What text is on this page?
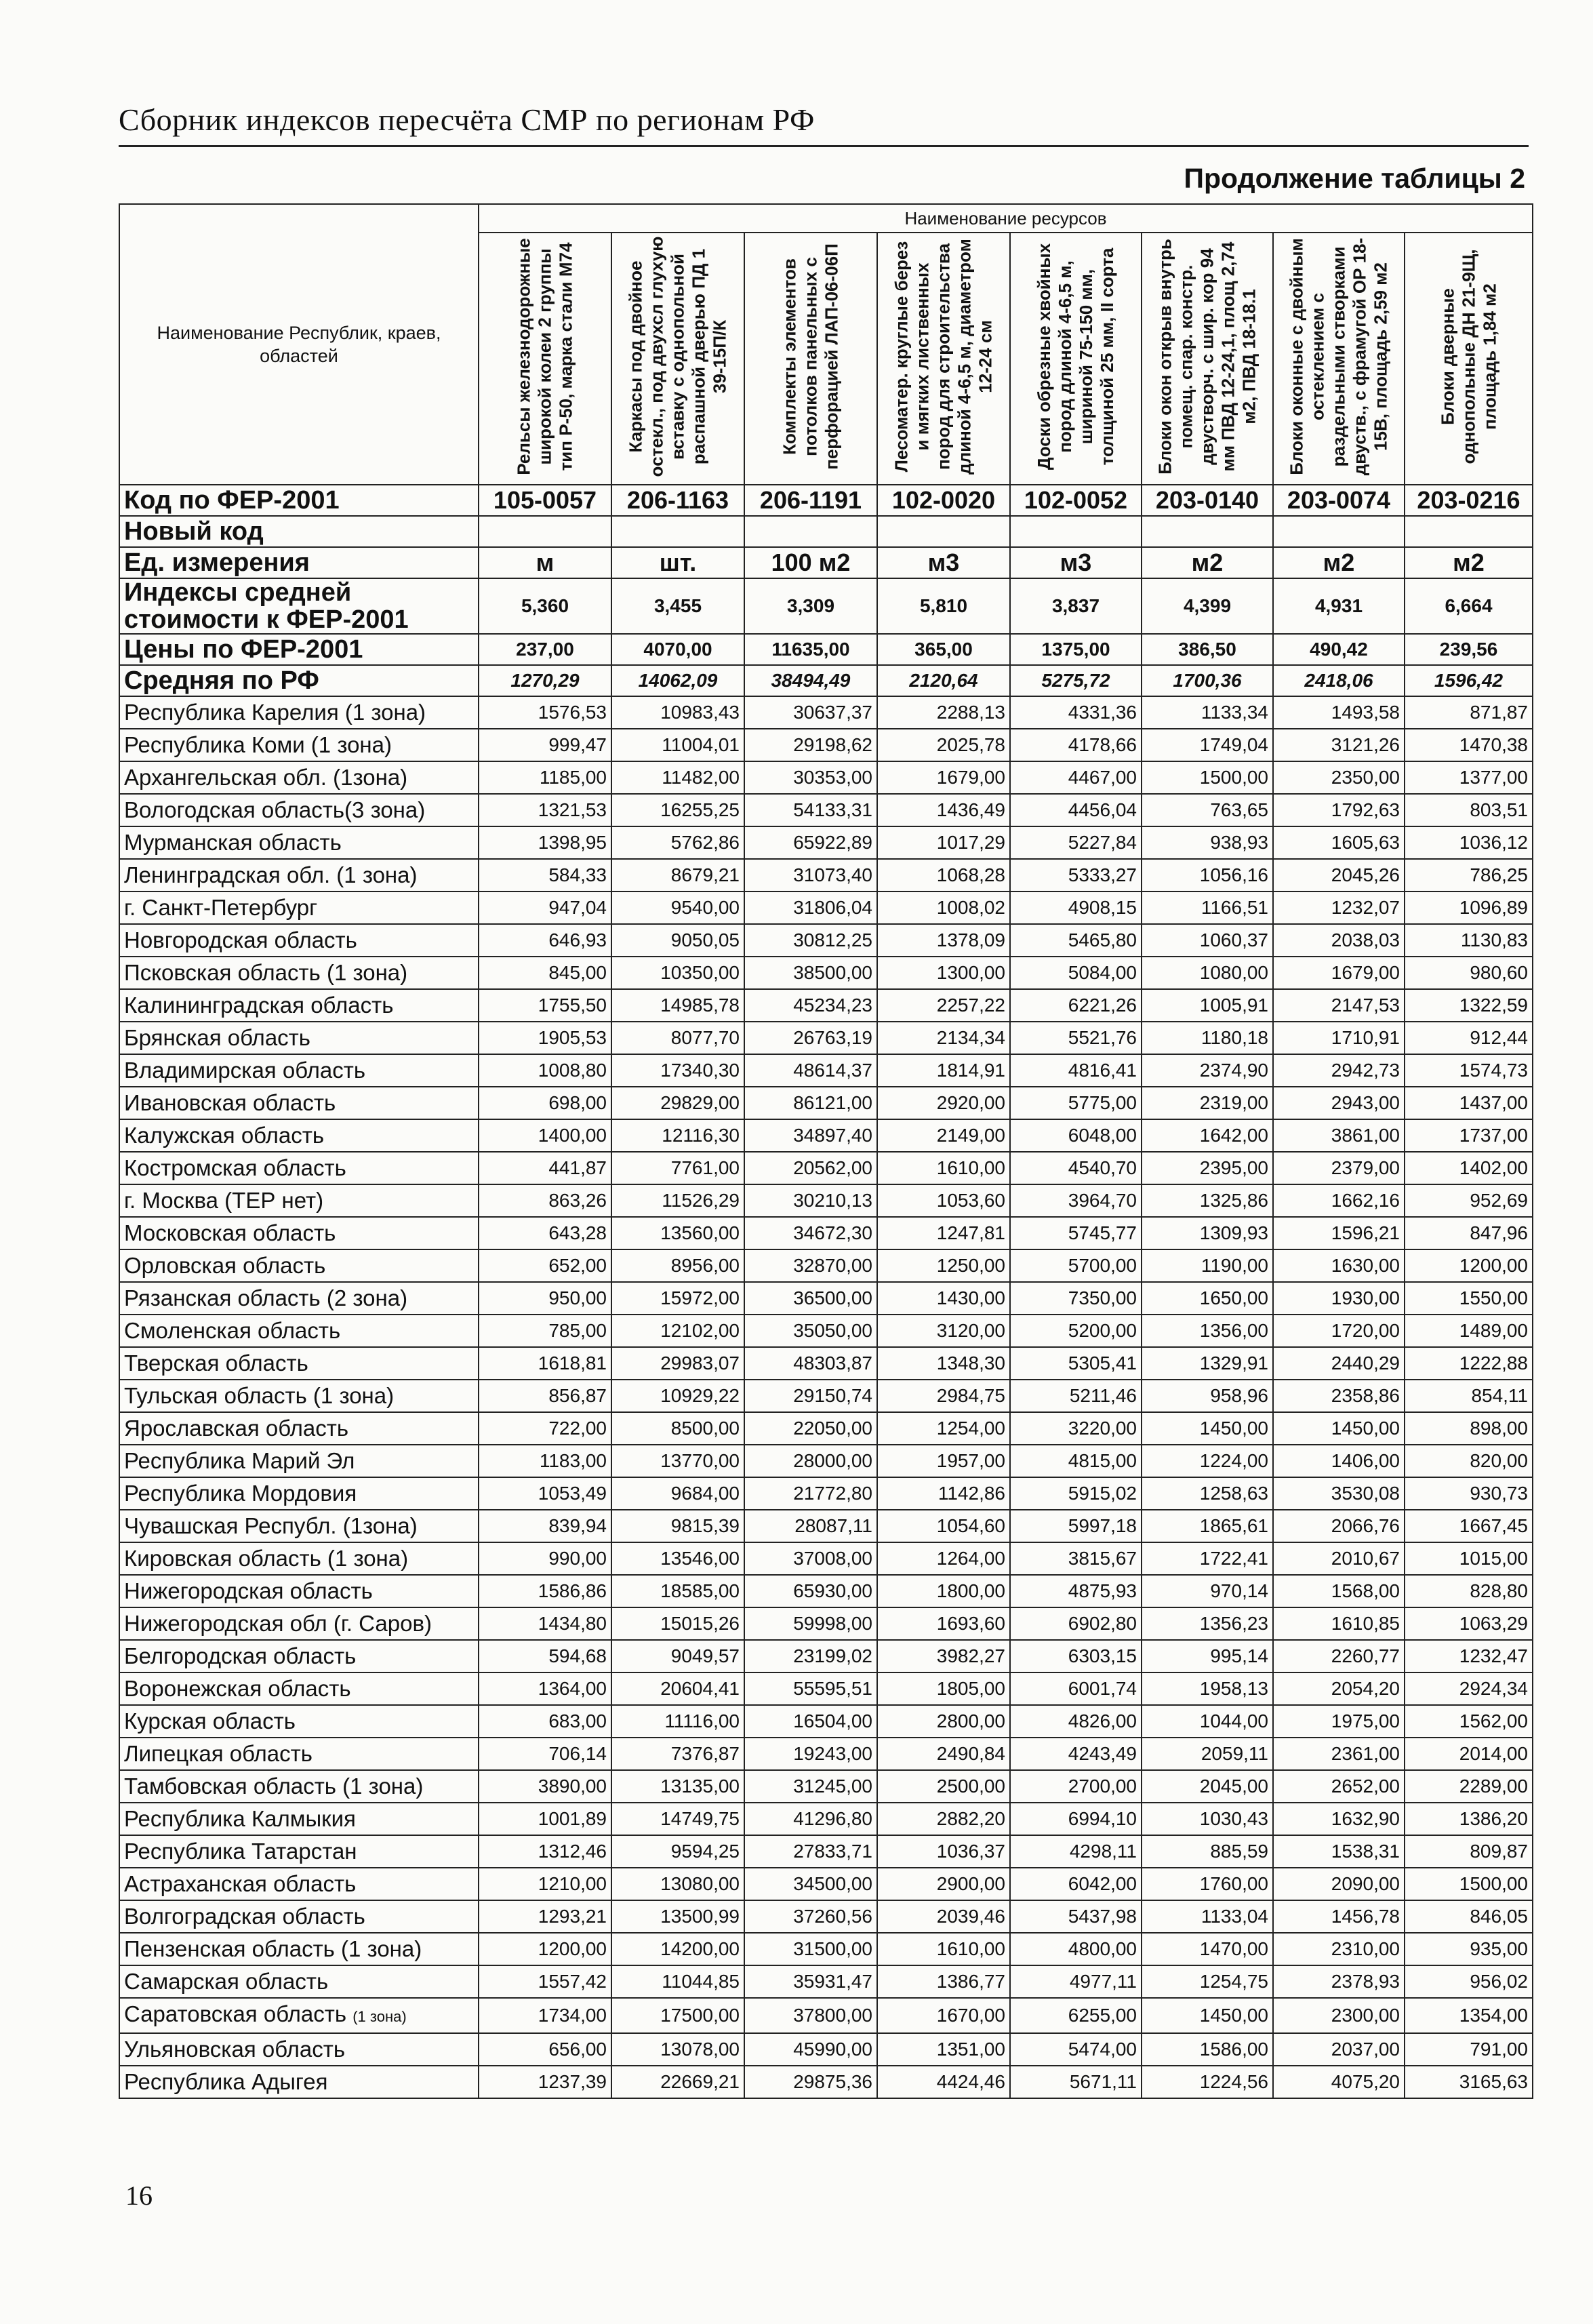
Сборник индексов пересчёта СМР по регионам РФ
Продолжение таблицы 2
Наименование Республик, краев, областей	Наименование ресурсов							

	Рельсы железнодорожные широкой колеи 2 группы тип Р-50, марка стали М74	Каркасы под двойное остекл., под двухсл глухую вставку с однопольной распашной дверью ПД 1 39-15П/К	Комплекты элементов потолков панельных с перфорацией ЛАП-06-06П	Лесоматер. круглые берез и мягких лиственных пород для строительства длиной 4-6,5 м, диаметром 12-24 см	Доски обрезные хвойных пород длиной 4-6,5 м, шириной 75-150 мм, толщиной 25 мм, II сорта	Блоки окон открыв внутрь помещ. спар. констр. двустворч. с шир. кор 94 мм ПВД 12-24,1, площ 2,74 м2, ПВД 18-18.1	Блоки оконные с двойным остеклением с раздельными створками двуств., с фрамугой ОР 18-15В, площадь 2,59 м2	Блоки дверные однопольные ДН 21-9Щ, площадь 1,84 м2

Код по ФЕР-2001	105-0057	206-1163	206-1191	102-0020	102-0052	203-0140	203-0074	203-0216
Новый код								
Ед. измерения	м	шт.	100 м2	м3	м3	м2	м2	м2
Индексы средней стоимости к ФЕР-2001	5,360	3,455	3,309	5,810	3,837	4,399	4,931	6,664
Цены по ФЕР-2001	237,00	4070,00	11635,00	365,00	1375,00	386,50	490,42	239,56
Средняя по РФ	1270,29	14062,09	38494,49	2120,64	5275,72	1700,36	2418,06	1596,42
Республика Карелия (1 зона)	1576,53	10983,43	30637,37	2288,13	4331,36	1133,34	1493,58	871,87
Республика Коми (1 зона)	999,47	11004,01	29198,62	2025,78	4178,66	1749,04	3121,26	1470,38
Архангельская обл. (1зона)	1185,00	11482,00	30353,00	1679,00	4467,00	1500,00	2350,00	1377,00
Вологодская область(3 зона)	1321,53	16255,25	54133,31	1436,49	4456,04	763,65	1792,63	803,51
Мурманская область	1398,95	5762,86	65922,89	1017,29	5227,84	938,93	1605,63	1036,12
Ленинградская обл. (1 зона)	584,33	8679,21	31073,40	1068,28	5333,27	1056,16	2045,26	786,25
г. Санкт-Петербург	947,04	9540,00	31806,04	1008,02	4908,15	1166,51	1232,07	1096,89
Новгородская область	646,93	9050,05	30812,25	1378,09	5465,80	1060,37	2038,03	1130,83
Псковская область (1 зона)	845,00	10350,00	38500,00	1300,00	5084,00	1080,00	1679,00	980,60
Калининградская область	1755,50	14985,78	45234,23	2257,22	6221,26	1005,91	2147,53	1322,59
Брянская область	1905,53	8077,70	26763,19	2134,34	5521,76	1180,18	1710,91	912,44
Владимирская область	1008,80	17340,30	48614,37	1814,91	4816,41	2374,90	2942,73	1574,73
Ивановская область	698,00	29829,00	86121,00	2920,00	5775,00	2319,00	2943,00	1437,00
Калужская область	1400,00	12116,30	34897,40	2149,00	6048,00	1642,00	3861,00	1737,00
Костромская область	441,87	7761,00	20562,00	1610,00	4540,70	2395,00	2379,00	1402,00
г. Москва (ТЕР нет)	863,26	11526,29	30210,13	1053,60	3964,70	1325,86	1662,16	952,69
Московская область	643,28	13560,00	34672,30	1247,81	5745,77	1309,93	1596,21	847,96
Орловская область	652,00	8956,00	32870,00	1250,00	5700,00	1190,00	1630,00	1200,00
Рязанская область (2 зона)	950,00	15972,00	36500,00	1430,00	7350,00	1650,00	1930,00	1550,00
Смоленская область	785,00	12102,00	35050,00	3120,00	5200,00	1356,00	1720,00	1489,00
Тверская область	1618,81	29983,07	48303,87	1348,30	5305,41	1329,91	2440,29	1222,88
Тульская область (1 зона)	856,87	10929,22	29150,74	2984,75	5211,46	958,96	2358,86	854,11
Ярославская область	722,00	8500,00	22050,00	1254,00	3220,00	1450,00	1450,00	898,00
Республика Марий Эл	1183,00	13770,00	28000,00	1957,00	4815,00	1224,00	1406,00	820,00
Республика Мордовия	1053,49	9684,00	21772,80	1142,86	5915,02	1258,63	3530,08	930,73
Чувашская Республ. (1зона)	839,94	9815,39	28087,11	1054,60	5997,18	1865,61	2066,76	1667,45
Кировская область (1 зона)	990,00	13546,00	37008,00	1264,00	3815,67	1722,41	2010,67	1015,00
Нижегородская область	1586,86	18585,00	65930,00	1800,00	4875,93	970,14	1568,00	828,80
Нижегородская обл (г. Саров)	1434,80	15015,26	59998,00	1693,60	6902,80	1356,23	1610,85	1063,29
Белгородская область	594,68	9049,57	23199,02	3982,27	6303,15	995,14	2260,77	1232,47
Воронежская область	1364,00	20604,41	55595,51	1805,00	6001,74	1958,13	2054,20	2924,34
Курская область	683,00	11116,00	16504,00	2800,00	4826,00	1044,00	1975,00	1562,00
Липецкая область	706,14	7376,87	19243,00	2490,84	4243,49	2059,11	2361,00	2014,00
Тамбовская область (1 зона)	3890,00	13135,00	31245,00	2500,00	2700,00	2045,00	2652,00	2289,00
Республика Калмыкия	1001,89	14749,75	41296,80	2882,20	6994,10	1030,43	1632,90	1386,20
Республика Татарстан	1312,46	9594,25	27833,71	1036,37	4298,11	885,59	1538,31	809,87
Астраханская область	1210,00	13080,00	34500,00	2900,00	6042,00	1760,00	2090,00	1500,00
Волгоградская область	1293,21	13500,99	37260,56	2039,46	5437,98	1133,04	1456,78	846,05
Пензенская область (1 зона)	1200,00	14200,00	31500,00	1610,00	4800,00	1470,00	2310,00	935,00
Самарская область	1557,42	11044,85	35931,47	1386,77	4977,11	1254,75	2378,93	956,02
Саратовская область (1 зона)	1734,00	17500,00	37800,00	1670,00	6255,00	1450,00	2300,00	1354,00
Ульяновская область	656,00	13078,00	45990,00	1351,00	5474,00	1586,00	2037,00	791,00
Республика Адыгея	1237,39	22669,21	29875,36	4424,46	5671,11	1224,56	4075,20	3165,63
16
